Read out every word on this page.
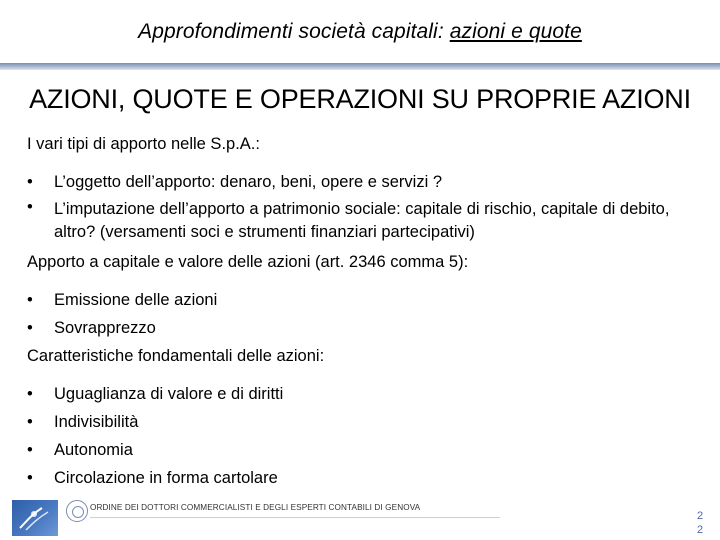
Approfondimenti società capitali: azioni e quote
AZIONI, QUOTE E OPERAZIONI SU PROPRIE AZIONI
I vari tipi di apporto nelle S.p.A.:
• L’oggetto dell’apporto: denaro, beni, opere e servizi ?
• L’imputazione dell’apporto a patrimonio sociale: capitale di rischio, capitale di debito, altro? (versamenti soci e strumenti finanziari partecipativi)
Apporto a capitale e valore delle azioni (art. 2346 comma 5):
• Emissione delle azioni
• Sovrapprezzo
Caratteristiche fondamentali delle azioni:
• Uguaglianza di valore e di diritti
• Indivisibilità
• Autonomia
• Circolazione in forma cartolare
ORDINE DEI DOTTORI COMMERCIALISTI E DEGLI ESPERTI CONTABILI DI GENOVA
2
2
